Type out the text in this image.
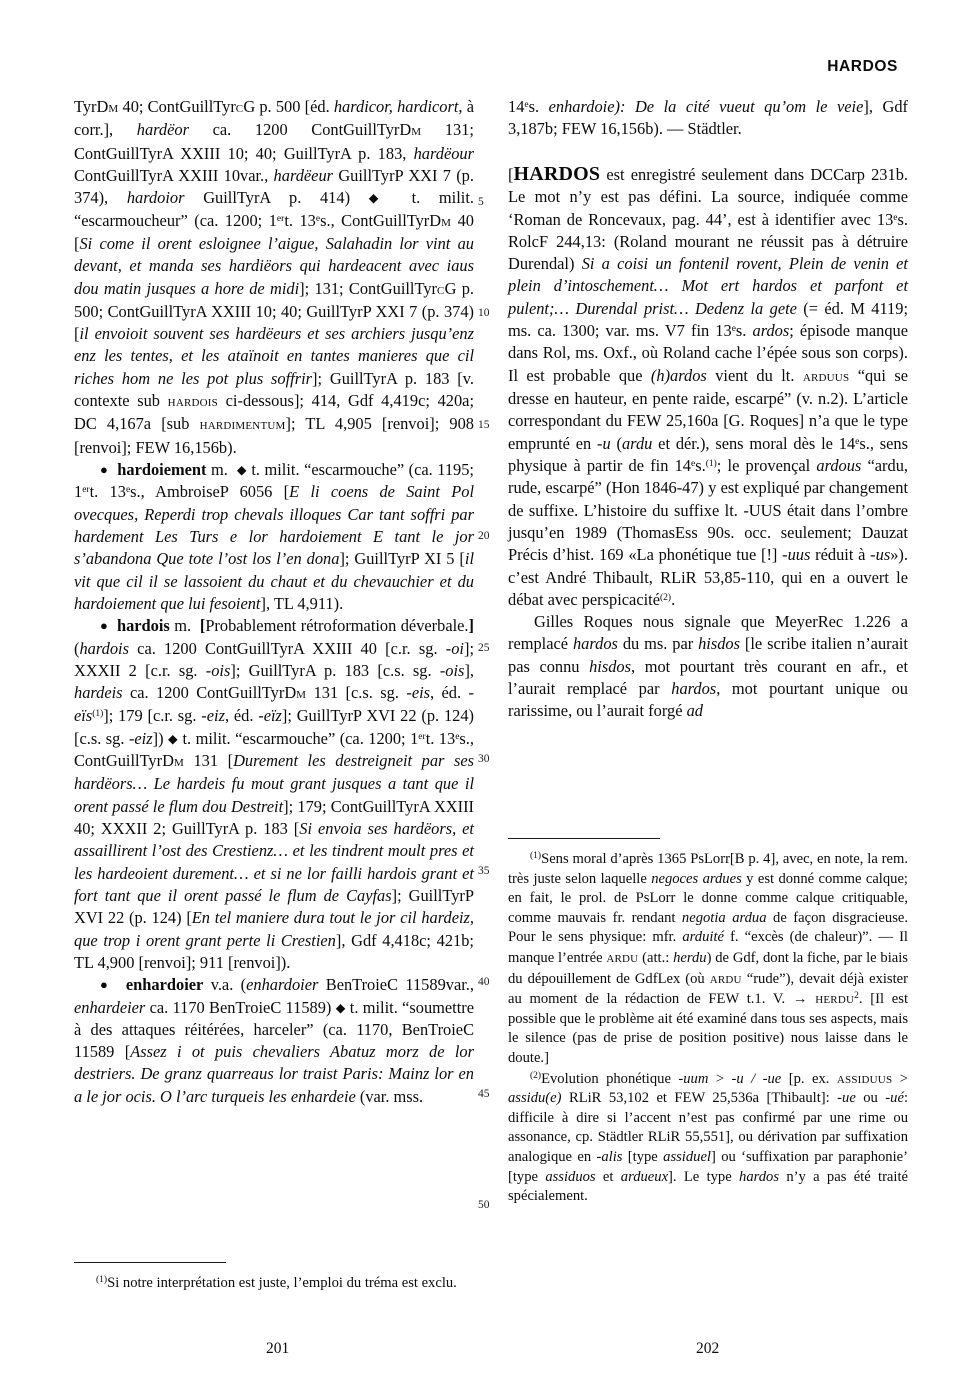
HARDOS

TyrDm 40; ContGuillTyrcG p. 500 [éd. hardicor, hardicort, à corr.], hardëor ca. 1200 ContGuillTyrDm 131; ContGuillTyrA XXIII 10; 40; GuillTyrA p. 183, hardëour ContGuillTyrA XXIII 10var., hardëeur GuillTyrP XXI 7 (p. 374), hardoior GuillTyrA p. 414) ◆ t. milit. “escarmoucheur” (ca. 1200; 1ert. 13es., ContGuillTyrDm 40 [Si come il orent esloignee l’aigue, Salahadin lor vint au devant, et manda ses hardiëors qui hardeacent avec iaus dou matin jusques a hore de midi]; 131; ContGuillTyrcG p. 500; ContGuillTyrA XXIII 10; 40; GuillTyrP XXI 7 (p. 374) [il envoioit souvent ses hardëeurs et ses archiers jusqu’enz enz les tentes, et les ataïnoit en tantes manieres que cil riches hom ne les pot plus soffrir]; GuillTyrA p. 183 [v. contexte sub hardois ci-dessous]; 414, Gdf 4,419c; 420a; DC 4,167a [sub hardimentum]; TL 4,905 [renvoi]; 908 [renvoi]; FEW 16,156b).

● hardoiement m.  ◆ t. milit. “escarmouche” (ca. 1195; 1ert. 13es., AmbroiseP 6056 [E li coens de Saint Pol ovecques, Reperdi trop chevals illoques Car tant soffri par hardement Les Turs e lor hardoiement E tant le jor s’abandona Que tote l’ost los l’en dona]; GuillTyrP XI 5 [il vit que cil il se lassoient du chaut et du chevauchier et du hardoiement que lui fesoient], TL 4,911).

● hardois m.  [Probablement rétroformation déverbale.] (hardois ca. 1200 ContGuillTyrA XXIII 40 [c.r. sg. -oi]; XXXII 2 [c.r. sg. -ois]; GuillTyrA p. 183 [c.s. sg. -ois], hardeis ca. 1200 ContGuillTyrDm 131 [c.s. sg. -eis, éd. -eïs$^{(1)}$]; 179 [c.r. sg. -eiz, éd. -eïz]; GuillTyrP XVI 22 (p. 124) [c.s. sg. -eiz]) ◆ t. milit. “escarmouche” (ca. 1200; 1ert. 13es., ContGuillTyrDm 131 [Durement les destreigneit par ses hardëors… Le hardeis fu mout grant jusques a tant que il orent passé le flum dou Destreit]; 179; ContGuillTyrA XXIII 40; XXXII 2; GuillTyrA p. 183 [Si envoia ses hardëors, et assaillirent l’ost des Crestienz… et les tindrent moult pres et les hardeoient durement… et si ne lor failli hardois grant et fort tant que il orent passé le flum de Cayfas]; GuillTyrP XVI 22 (p. 124) [En tel maniere dura tout le jor cil hardeiz, que trop i orent grant perte li Crestien], Gdf 4,418c; 421b; TL 4,900 [renvoi]; 911 [renvoi]).

● enhardoier v.a. (enhardoier BenTroieC 11589var., enhardeier ca. 1170 BenTroieC 11589) ◆ t. milit. “soumettre à des attaques réitérées, harceler” (ca. 1170, BenTroieC 11589 [Assez i ot puis chevaliers Abatuz morz de lor destriers. De granz quarreaus lor traist Paris: Mainz lor en a le jor ocis. O l’arc turqueis les enhardeie (var. mss.

14es. enhardoie): De la cité vueut qu’om le veie], Gdf 3,187b; FEW 16,156b). — Städtler.

[HARDOS est enregistré seulement dans DCCarp 231b. Le mot n’y est pas défini. La source, indiquée comme ‘Roman de Roncevaux, pag. 44’, est à identifier avec 13es. RolcF 244,13: (Roland mourant ne réussit pas à détruire Durendal) Si a coisi un fontenil rovent, Plein de venin et plein d’intoschement… Mot ert hardos et parfont et pulent;… Durendal prist… Dedenz la gete (= éd. M 4119; ms. ca. 1300; var. ms. V7 fin 13es. ardos; épisode manque dans Rol, ms. Oxf., où Roland cache l’épée sous son corps). Il est probable que (h)ardos vient du lt. arduus “qui se dresse en hauteur, en pente raide, escarpé” (v. n.2). L’article correspondant du FEW 25,160a [G. Roques] n’a que le type emprunté en -u (ardu et dér.), sens moral dès le 14es., sens physique à partir de fin 14es.$^{(1)}$; le provençal ardous “ardu, rude, escarpé” (Hon 1846-47) y est expliqué par changement de suffixe. L’histoire du suffixe lt. -UUS était dans l’ombre jusqu’en 1989 (ThomasEss 90s. occ. seulement; Dauzat Précis d’hist. 169 «La phonétique tue [!] -uus réduit à -us»). c’est André Thibault, RLiR 53,85-110, qui en a ouvert le débat avec perspicacité$^{(2)}$.

Gilles Roques nous signale que MeyerRec 1.226 a remplacé hardos du ms. par hisdos [le scribe italien n’aurait pas connu hisdos, mot pourtant très courant en afr., et l’aurait remplacé par hardos, mot pourtant unique ou rarissime, ou l’aurait forgé ad

5
10
15
20
25
30
35
40
45
50

$^{(1)}$Si notre interprétation est juste, l’emploi du tréma est exclu.

$^{(1)}$Sens moral d’après 1365 PsLorr[B p. 4], avec, en note, la rem. très juste selon laquelle negoces ardues y est donné comme calque; en fait, le prol. de PsLorr le donne comme calque critiquable, comme mauvais fr. rendant negotia ardua de façon disgracieuse. Pour le sens physique: mfr. arduité f. “excès (de chaleur)”. — Il manque l’entrée ardu (att.: herdu) de Gdf, dont la fiche, par le biais du dépouillement de GdfLex (où ardu “rude”), devait déjà exister au moment de la rédaction de FEW t.1. V. → herdu$^2$. [Il est possible que le problème ait été examiné dans tous ses aspects, mais le silence (pas de prise de position positive) nous laisse dans le doute.]

$^{(2)}$Evolution phonétique -uum > -u / -ue [p. ex. assiduus > assidu(e) RLiR 53,102 et FEW 25,536a [Thibault]: -ue ou -ué: difficile à dire si l’accent n’est pas confirmé par une rime ou assonance, cp. Städtler RLiR 55,551], ou dérivation par suffixation analogique en -alis [type assiduel] ou ‘suffixation par paraphonie’ [type assiduos et ardueux]. Le type hardos n’y a pas été traité spécialement.

201	202
